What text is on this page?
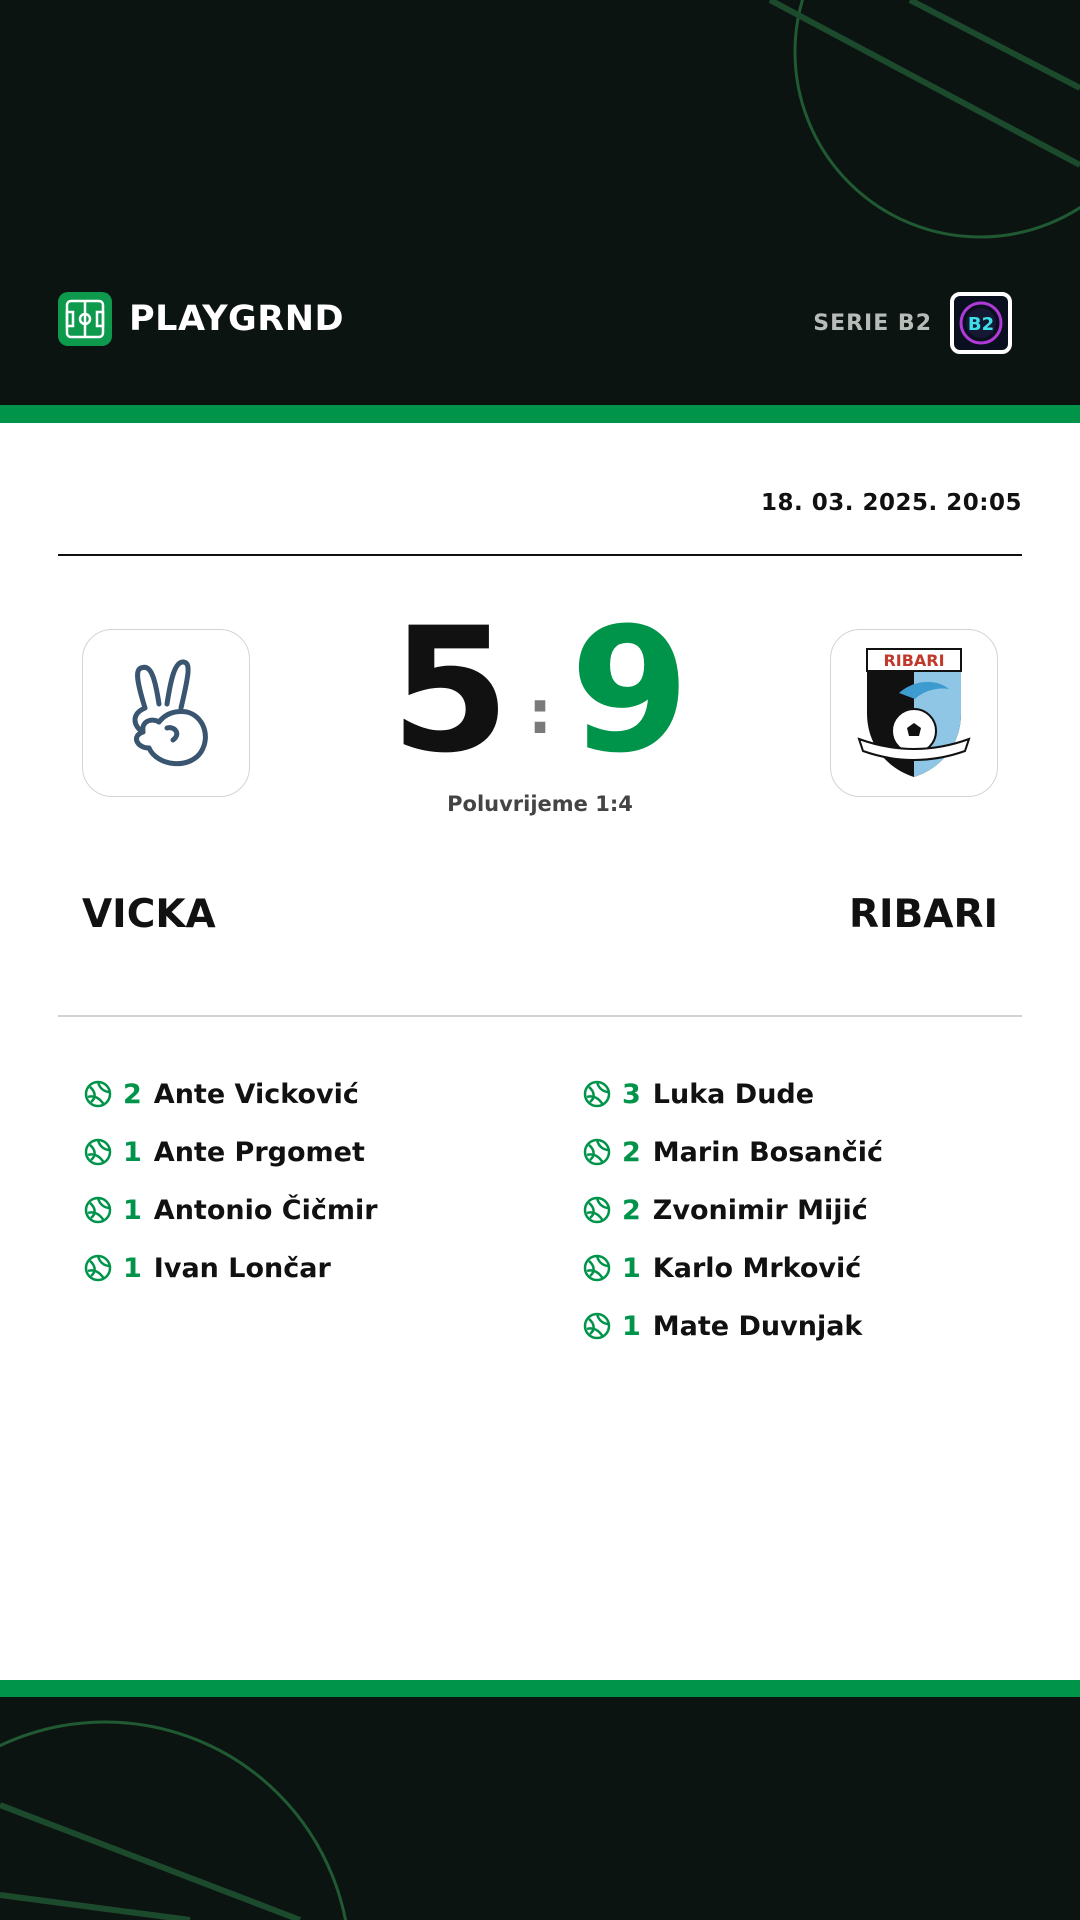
PLAYGRND	SERIE B2 B2
18. 03. 2025. 20:05
RIBARI
5 : 9
Poluvrijeme 1:4
VICKA	RIBARI
2 Ante Vicković
1 Ante Prgomet
1 Antonio Čičmir
1 Ivan Lončar
3 Luka Dude
2 Marin Bosančić
2 Zvonimir Mijić
1 Karlo Mrković
1 Mate Duvnjak
